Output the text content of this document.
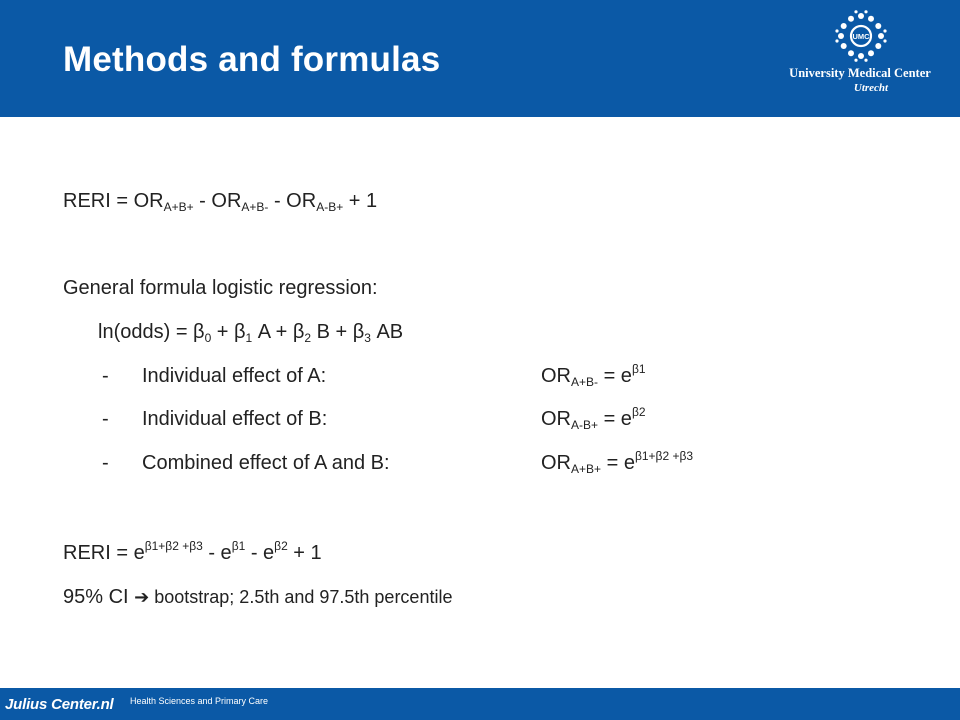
Methods and formulas
UMC
University Medical Center
Utrecht
RERI = $OR_{A+B+} - OR_{A+B-} - OR_{A-B+} + 1$
General formula logistic regression:
ln(odds) = $\beta_0 + \beta_1$ $A + \beta_2$ $B + \beta_3$ AB
- Individual effect of A:	$OR_{A+B-} = e^{\beta 1}$
- Individual effect of B:	$OR_{A-B+} = e^{\beta 2}$
- Combined effect of A and B:	$OR_{A+B+} = e^{\beta 1+\beta 2 +\beta 3}$
RERI = $e^{\beta 1+\beta 2 +\beta 3} - e^{\beta 1} - e^{\beta 2} + 1$
95% CI ➔ bootstrap; 2.5th and 97.5th percentile
Julius Center.nl Health Sciences and Primary Care
